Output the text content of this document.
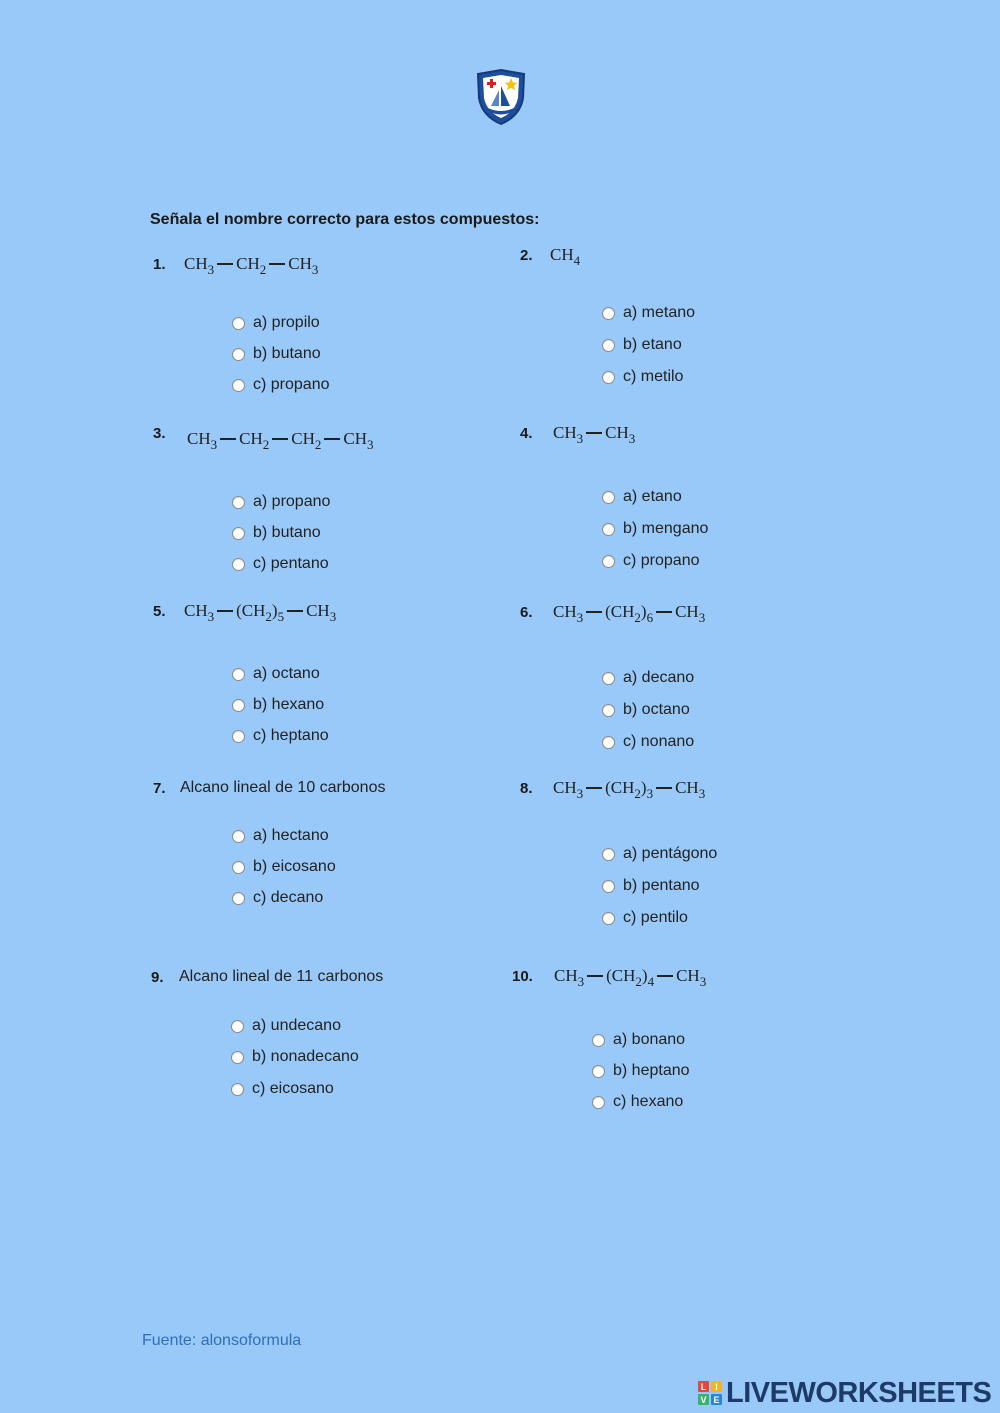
Señala el nombre correcto para estos compuestos:
1. $CH_3$ $CH_2$ $CH_3$
a) propilo
b) butano
c) propano
2. $CH_4$
a) metano
b) etano
c) metilo
3. $CH_3$ $CH_2$ $CH_2$ $CH_3$
a) propano
b) butano
c) pentano
4. $CH_3$ $CH_3$
a) etano
b) mengano
c) propano
5. $CH_3$ $(CH_2)_5$ $CH_3$
a) octano
b) hexano
c) heptano
6. $CH_3$ $(CH_2)_6$ $CH_3$
a) decano
b) octano
c) nonano
7. Alcano lineal de 10 carbonos
a) hectano
b) eicosano
c) decano
8. $CH_3$ $(CH_2)_3$ $CH_3$
a) pentágono
b) pentano
c) pentilo
9. Alcano lineal de 11 carbonos
a) undecano
b) nonadecano
c) eicosano
10. $CH_3$ $(CH_2)_4$ $CH_3$
a) bonano
b) heptano
c) hexano
Fuente: alonsoformula
L I
V E LIVEWORKSHEETS
